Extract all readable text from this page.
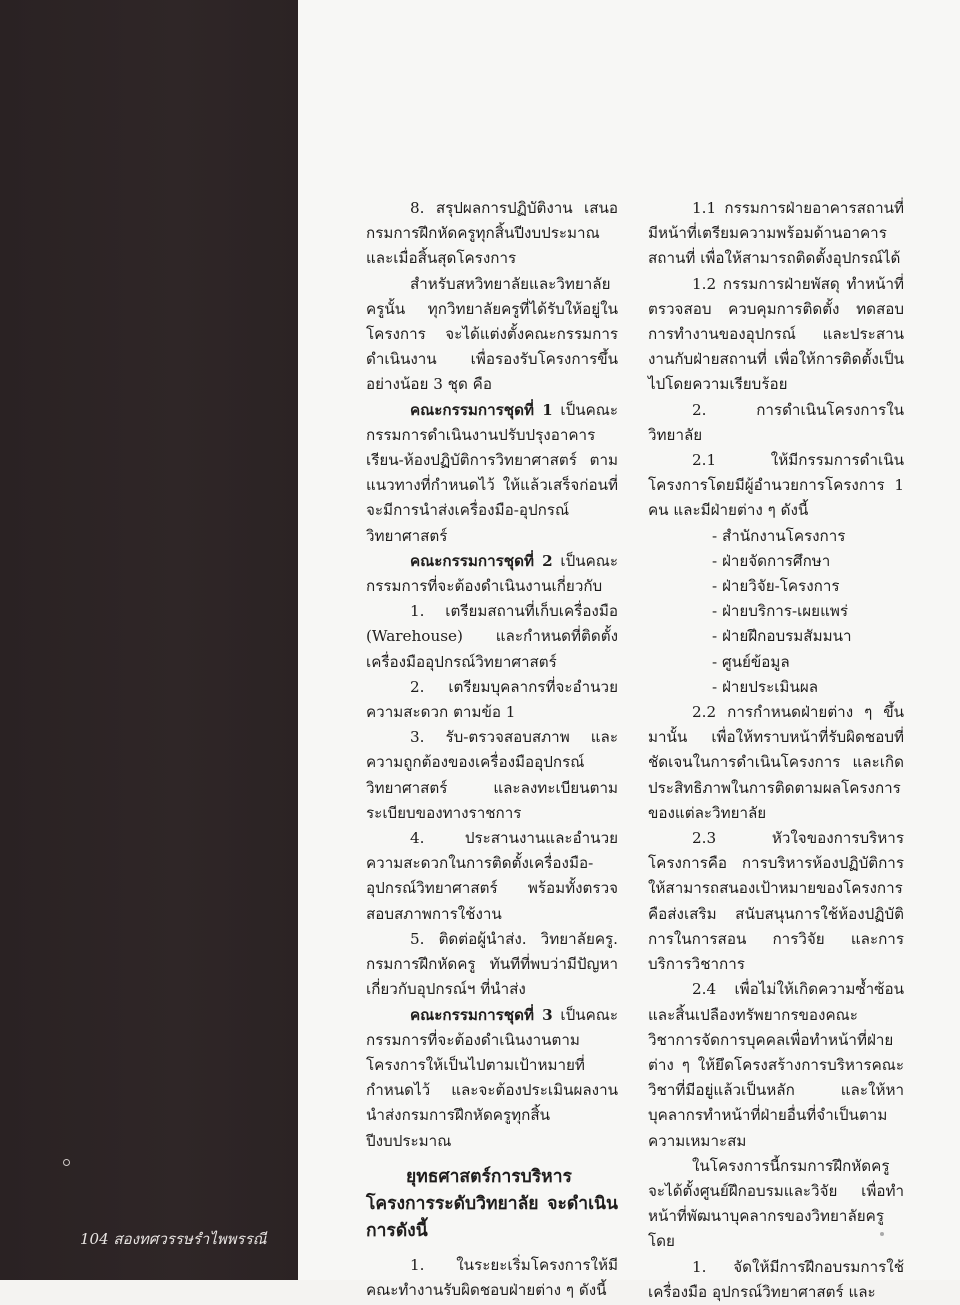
104 สองทศวรรษรำไพพรรณี

8. สรุปผลการปฏิบัติงาน เสนอกรมการฝึกหัดครูทุกสิ้นปีงบประมาณ และเมื่อสิ้นสุดโครงการ

สำหรับสหวิทยาลัยและวิทยาลัยครูนั้น ทุกวิทยาลัยครูที่ได้รับให้อยู่ในโครงการ จะได้แต่งตั้งคณะกรรมการดำเนินงาน เพื่อรองรับโครงการขึ้นอย่างน้อย 3 ชุด คือ

คณะกรรมการชุดที่ 1 เป็นคณะกรรมการดำเนินงานปรับปรุงอาคารเรียน-ห้องปฏิบัติการวิทยาศาสตร์ ตามแนวทางที่กำหนดไว้ ให้แล้วเสร็จก่อนที่จะมีการนำส่งเครื่องมือ-อุปกรณ์วิทยาศาสตร์

คณะกรรมการชุดที่ 2 เป็นคณะกรรมการที่จะต้องดำเนินงานเกี่ยวกับ

1. เตรียมสถานที่เก็บเครื่องมือ (Warehouse) และกำหนดที่ติดตั้งเครื่องมืออุปกรณ์วิทยาศาสตร์

2. เตรียมบุคลากรที่จะอำนวยความสะดวก ตามข้อ 1

3. รับ-ตรวจสอบสภาพ และความถูกต้องของเครื่องมืออุปกรณ์วิทยาศาสตร์ และลงทะเบียนตามระเบียบของทางราชการ

4. ประสานงานและอำนวยความสะดวกในการติดตั้งเครื่องมือ-อุปกรณ์วิทยาศาสตร์ พร้อมทั้งตรวจสอบสภาพการใช้งาน

5. ติดต่อผู้นำส่ง. วิทยาลัยครู. กรมการฝึกหัดครู ทันทีที่พบว่ามีปัญหาเกี่ยวกับอุปกรณ์ฯ ที่นำส่ง

คณะกรรมการชุดที่ 3 เป็นคณะกรรมการที่จะต้องดำเนินงานตามโครงการให้เป็นไปตามเป้าหมายที่กำหนดไว้ และจะต้องประเมินผลงานนำส่งกรมการฝึกหัดครูทุกสิ้นปีงบประมาณ

ยุทธศาสตร์การบริหารโครงการระดับวิทยาลัย จะดำเนินการดังนี้

1. ในระยะเริ่มโครงการให้มีคณะทำงานรับผิดชอบฝ่ายต่าง ๆ ดังนี้

1.1 กรรมการฝ่ายอาคารสถานที่ มีหน้าที่เตรียมความพร้อมด้านอาคารสถานที่ เพื่อให้สามารถติดตั้งอุปกรณ์ได้

1.2 กรรมการฝ่ายพัสดุ ทำหน้าที่ตรวจสอบ ควบคุมการติดตั้ง ทดสอบการทำงานของอุปกรณ์ และประสานงานกับฝ่ายสถานที่ เพื่อให้การติดตั้งเป็นไปโดยความเรียบร้อย

2. การดำเนินโครงการในวิทยาลัย

2.1 ให้มีกรรมการดำเนินโครงการโดยมีผู้อำนวยการโครงการ 1 คน และมีฝ่ายต่าง ๆ ดังนี้

- สำนักงานโครงการ
- ฝ่ายจัดการศึกษา
- ฝ่ายวิจัย-โครงการ
- ฝ่ายบริการ-เผยแพร่
- ฝ่ายฝึกอบรมสัมมนา
- ศูนย์ข้อมูล
- ฝ่ายประเมินผล

2.2 การกำหนดฝ่ายต่าง ๆ ขึ้นมานั้น เพื่อให้ทราบหน้าที่รับผิดชอบที่ชัดเจนในการดำเนินโครงการ และเกิดประสิทธิภาพในการติดตามผลโครงการของแต่ละวิทยาลัย

2.3 หัวใจของการบริหารโครงการคือ การบริหารห้องปฏิบัติการ ให้สามารถสนองเป้าหมายของโครงการ คือส่งเสริม สนับสนุนการใช้ห้องปฏิบัติการในการสอน การวิจัย และการบริการวิชาการ

2.4 เพื่อไม่ให้เกิดความซ้ำซ้อนและสิ้นเปลืองทรัพยากรของคณะวิชาการจัดการบุคคลเพื่อทำหน้าที่ฝ่ายต่าง ๆ ให้ยึดโครงสร้างการบริหารคณะวิชาที่มีอยู่แล้วเป็นหลัก และให้หาบุคลากรทำหน้าที่ฝ่ายอื่นที่จำเป็นตามความเหมาะสม

ในโครงการนี้กรมการฝึกหัดครูจะได้ตั้งศูนย์ฝึกอบรมและวิจัย เพื่อทำหน้าที่พัฒนาบุคลากรของวิทยาลัยครู โดย

1. จัดให้มีการฝึกอบรมการใช้เครื่องมือ อุปกรณ์วิทยาศาสตร์ และ
